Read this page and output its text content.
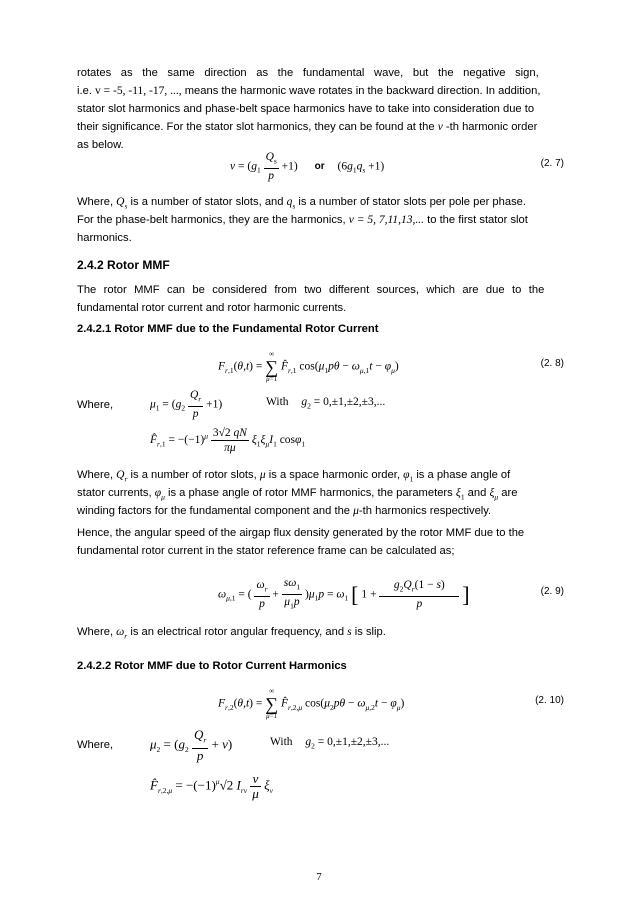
rotates as the same direction as the fundamental wave, but the negative sign,
i.e. v = -5, -11, -17, ..., means the harmonic wave rotates in the backward direction. In addition,
stator slot harmonics and phase-belt space harmonics have to take into consideration due to
their significance. For the stator slot harmonics, they can be found at the v -th harmonic order
as below.
$v = (g_1 \frac{Q_s}{p} +1)$ or $(6g_1q_s +1)$	(2. 7)
Where, $Q_s$ is a number of stator slots, and $q_s$ is a number of stator slots per pole per phase.
For the phase-belt harmonics, they are the harmonics, v = 5, 7,11,13,... to the first stator slot
harmonics.
2.4.2 Rotor MMF
The rotor MMF can be considered from two different sources, which are due to the
fundamental rotor current and rotor harmonic currents.
2.4.2.1 Rotor MMF due to the Fundamental Rotor Current
$F_{r,1}(\theta,t)$ =
∞
∑
μ=1
$F̂_{r,1}$ $\cos(\mu_1p\theta - \omega_{\mu,1}t - \varphi_\mu)$	(2. 8)
Where,	$\mu_1 = (g_2 \frac{Q_r}{p} +1)$	With $g_2 = 0,\pm 1,\pm 2,\pm 3$,...
$F̂_{r,1} = -(-1)^\mu \frac{3√2 qN}{\pi\mu} \xi_1\xi_\mu I_1$ cosφ$_1$
Where, $Q_r$ is a number of rotor slots, μ is a space harmonic order, $\varphi_1$ is a phase angle of
stator currents, $\varphi_\mu$ is a phase angle of rotor MMF harmonics, the parameters $\xi_1$ and $\xi_\mu$ are
winding factors for the fundamental component and the μ-th harmonics respectively.
Hence, the angular speed of the airgap flux density generated by the rotor MMF due to the
fundamental rotor current in the stator reference frame can be calculated as;
$\omega_{\mu,1}$ = ( $\frac{\omega_r}{p} + \frac{s\omega_1}{\mu_1p} )\mu_1p = \omega_1$ [ $1 + \frac{g_2Q_r(1 - s)}{p}$ ]	(2. 9)
Where, $\omega_r$ is an electrical rotor angular frequency, and s is slip.
2.4.2.2 Rotor MMF due to Rotor Current Harmonics
$F_{r,2}(\theta,t)$ =
∞
∑
μ=1
$F̂_{r,2,\mu}$ $\cos(\mu_2p\theta - \omega_{\mu,2}t - \varphi_\mu)$	(2. 10)
Where,	$\mu_2 = (g_2 \frac{Q_r}{p} + v)$	With $g_2 = 0,\pm 1,\pm 2,\pm 3$,...
$F̂_{r,2,\mu} = -(-1)^\mu√2$ $I_{rv} \frac{v}{\mu} \xi_v$
7
